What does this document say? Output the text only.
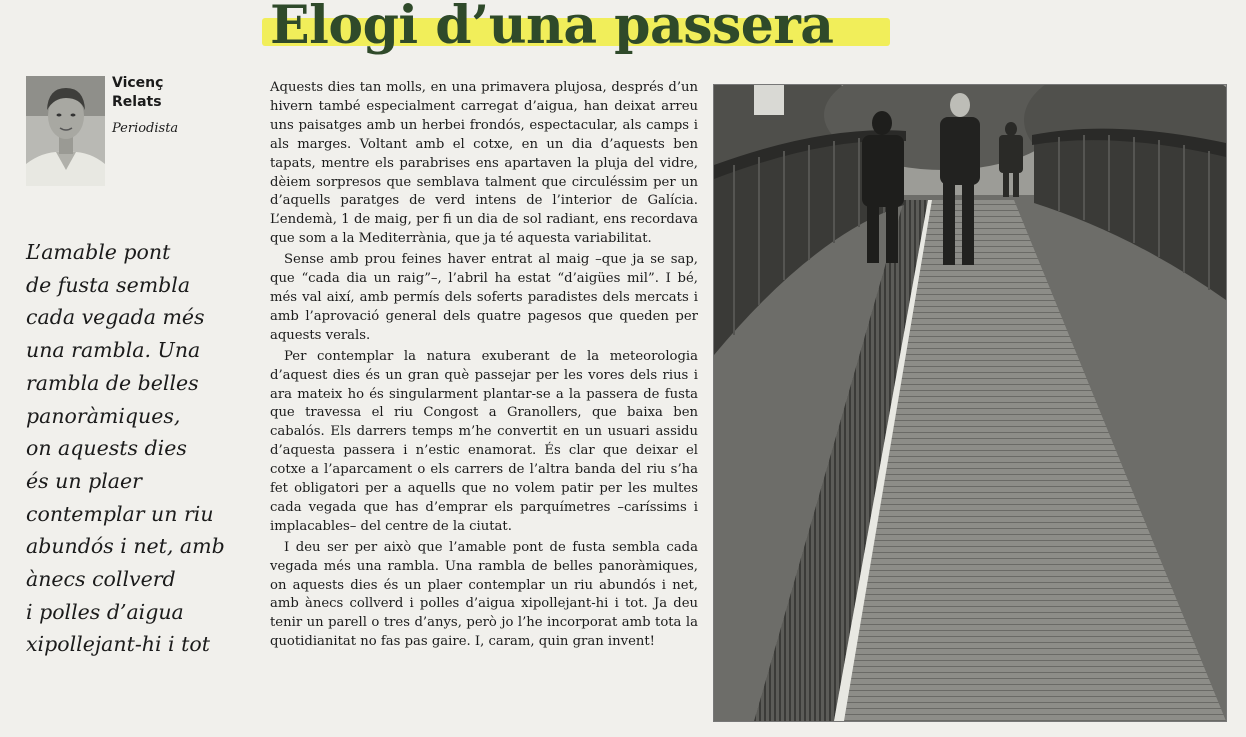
Elogi d’una passera
Vicenç
Relats
Periodista
L’amable pont
de fusta sembla
cada vegada més
una rambla. Una
rambla de belles
panoràmiques,
on aquests dies
és un plaer
contemplar un riu
abundós i net, amb
ànecs collverd
i polles d’aigua
xipollejant-hi i tot

Aquests dies tan molls, en una primavera plujosa, després d’un hivern també especialment carregat d’aigua, han deixat arreu uns paisatges amb un herbei frondós, espectacular, als camps i als marges. Voltant amb el cotxe, en un dia d’aquests ben tapats, mentre els parabrises ens apartaven la pluja del vidre, dèiem sorpresos que semblava talment que circuléssim per un d’aquells paratges de verd intens de l’interior de Galícia. L’endemà, 1 de maig, per fi un dia de sol radiant, ens recordava que som a la Mediterrània, que ja té aquesta variabilitat.

Sense amb prou feines haver entrat al maig –que ja se sap, que “cada dia un raig”–, l’abril ha estat “d’aigües mil”. I bé, més val així, amb permís dels soferts paradistes dels mercats i amb l’aprovació general dels quatre pagesos que queden per aquests verals.

Per contemplar la natura exuberant de la meteorologia d’aquest dies és un gran què passejar per les vores dels rius i ara mateix ho és singularment plantar-se a la passera de fusta que travessa el riu Congost a Granollers, que baixa ben cabalós. Els darrers temps m’he convertit en un usuari assidu d’aquesta passera i n’estic enamorat. És clar que deixar el cotxe a l’aparcament o els carrers de l’altra banda del riu s’ha fet obligatori per a aquells que no volem patir per les multes cada vegada que has d’emprar els parquímetres –caríssims i implacables– del centre de la ciutat.

I deu ser per això que l’amable pont de fusta sembla cada vegada més una rambla. Una rambla de belles panoràmiques, on aquests dies és un plaer contemplar un riu abundós i net, amb ànecs collverd i polles d’aigua xipollejant-hi i tot. Ja deu tenir un parell o tres d’anys, però jo l’he incorporat amb tota la quotidianitat no fas pas gaire. I, caram, quin gran invent!
